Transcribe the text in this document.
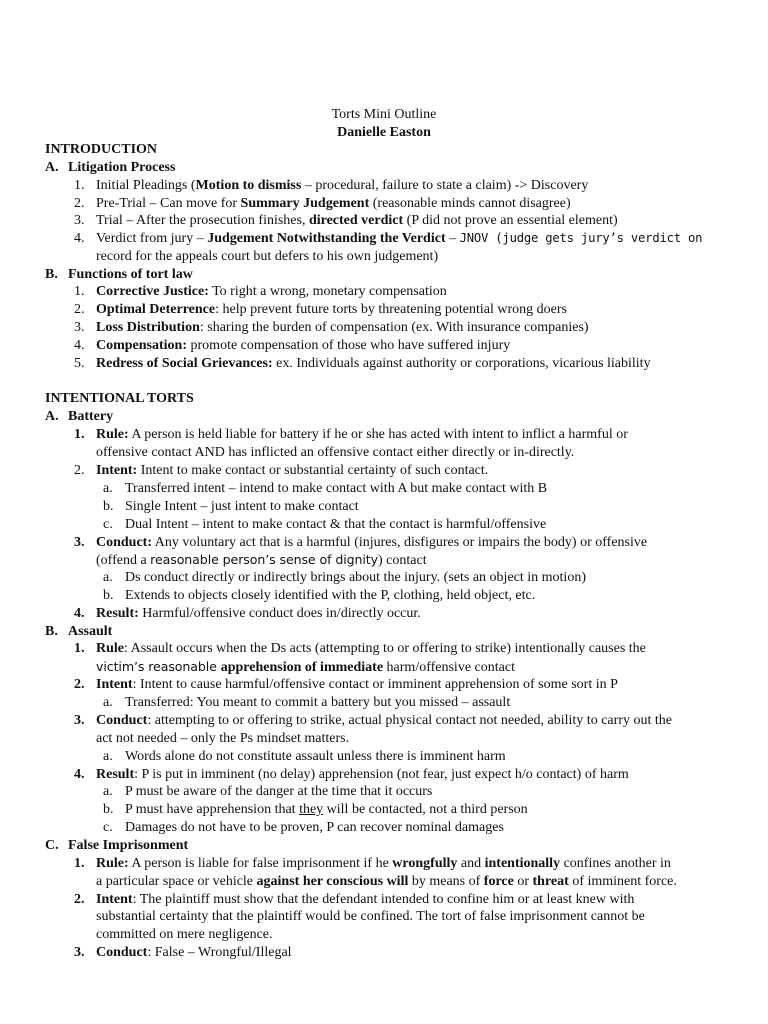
Torts Mini Outline
Danielle Easton
INTRODUCTION
A. Litigation Process
1. Initial Pleadings (Motion to dismiss – procedural, failure to state a claim) -> Discovery
2. Pre-Trial – Can move for Summary Judgement (reasonable minds cannot disagree)
3. Trial – After the prosecution finishes, directed verdict (P did not prove an essential element)
4. Verdict from jury – Judgement Notwithstanding the Verdict – JNOV (judge gets jury’s verdict on
record for the appeals court but defers to his own judgement)
B. Functions of tort law
1. Corrective Justice: To right a wrong, monetary compensation
2. Optimal Deterrence: help prevent future torts by threatening potential wrong doers
3. Loss Distribution: sharing the burden of compensation (ex. With insurance companies)
4. Compensation: promote compensation of those who have suffered injury
5. Redress of Social Grievances: ex. Individuals against authority or corporations, vicarious liability
INTENTIONAL TORTS
A. Battery
1. Rule: A person is held liable for battery if he or she has acted with intent to inflict a harmful or
offensive contact AND has inflicted an offensive contact either directly or in-directly.
2. Intent: Intent to make contact or substantial certainty of such contact.
a. Transferred intent – intend to make contact with A but make contact with B
b. Single Intent – just intent to make contact
c. Dual Intent – intent to make contact & that the contact is harmful/offensive
3. Conduct: Any voluntary act that is a harmful (injures, disfigures or impairs the body) or offensive
(offend a reasonable person’s sense of dignity) contact
a. Ds conduct directly or indirectly brings about the injury. (sets an object in motion)
b. Extends to objects closely identified with the P, clothing, held object, etc.
4. Result: Harmful/offensive conduct does in/directly occur.
B. Assault
1. Rule: Assault occurs when the Ds acts (attempting to or offering to strike) intentionally causes the
victim’s reasonable apprehension of immediate harm/offensive contact
2. Intent: Intent to cause harmful/offensive contact or imminent apprehension of some sort in P
a. Transferred: You meant to commit a battery but you missed – assault
3. Conduct: attempting to or offering to strike, actual physical contact not needed, ability to carry out the
act not needed – only the Ps mindset matters.
a. Words alone do not constitute assault unless there is imminent harm
4. Result: P is put in imminent (no delay) apprehension (not fear, just expect h/o contact) of harm
a. P must be aware of the danger at the time that it occurs
b. P must have apprehension that they will be contacted, not a third person
c. Damages do not have to be proven, P can recover nominal damages
C. False Imprisonment
1. Rule: A person is liable for false imprisonment if he wrongfully and intentionally confines another in
a particular space or vehicle against her conscious will by means of force or threat of imminent force.
2. Intent: The plaintiff must show that the defendant intended to confine him or at least knew with
substantial certainty that the plaintiff would be confined. The tort of false imprisonment cannot be
committed on mere negligence.
3. Conduct: False – Wrongful/Illegal
